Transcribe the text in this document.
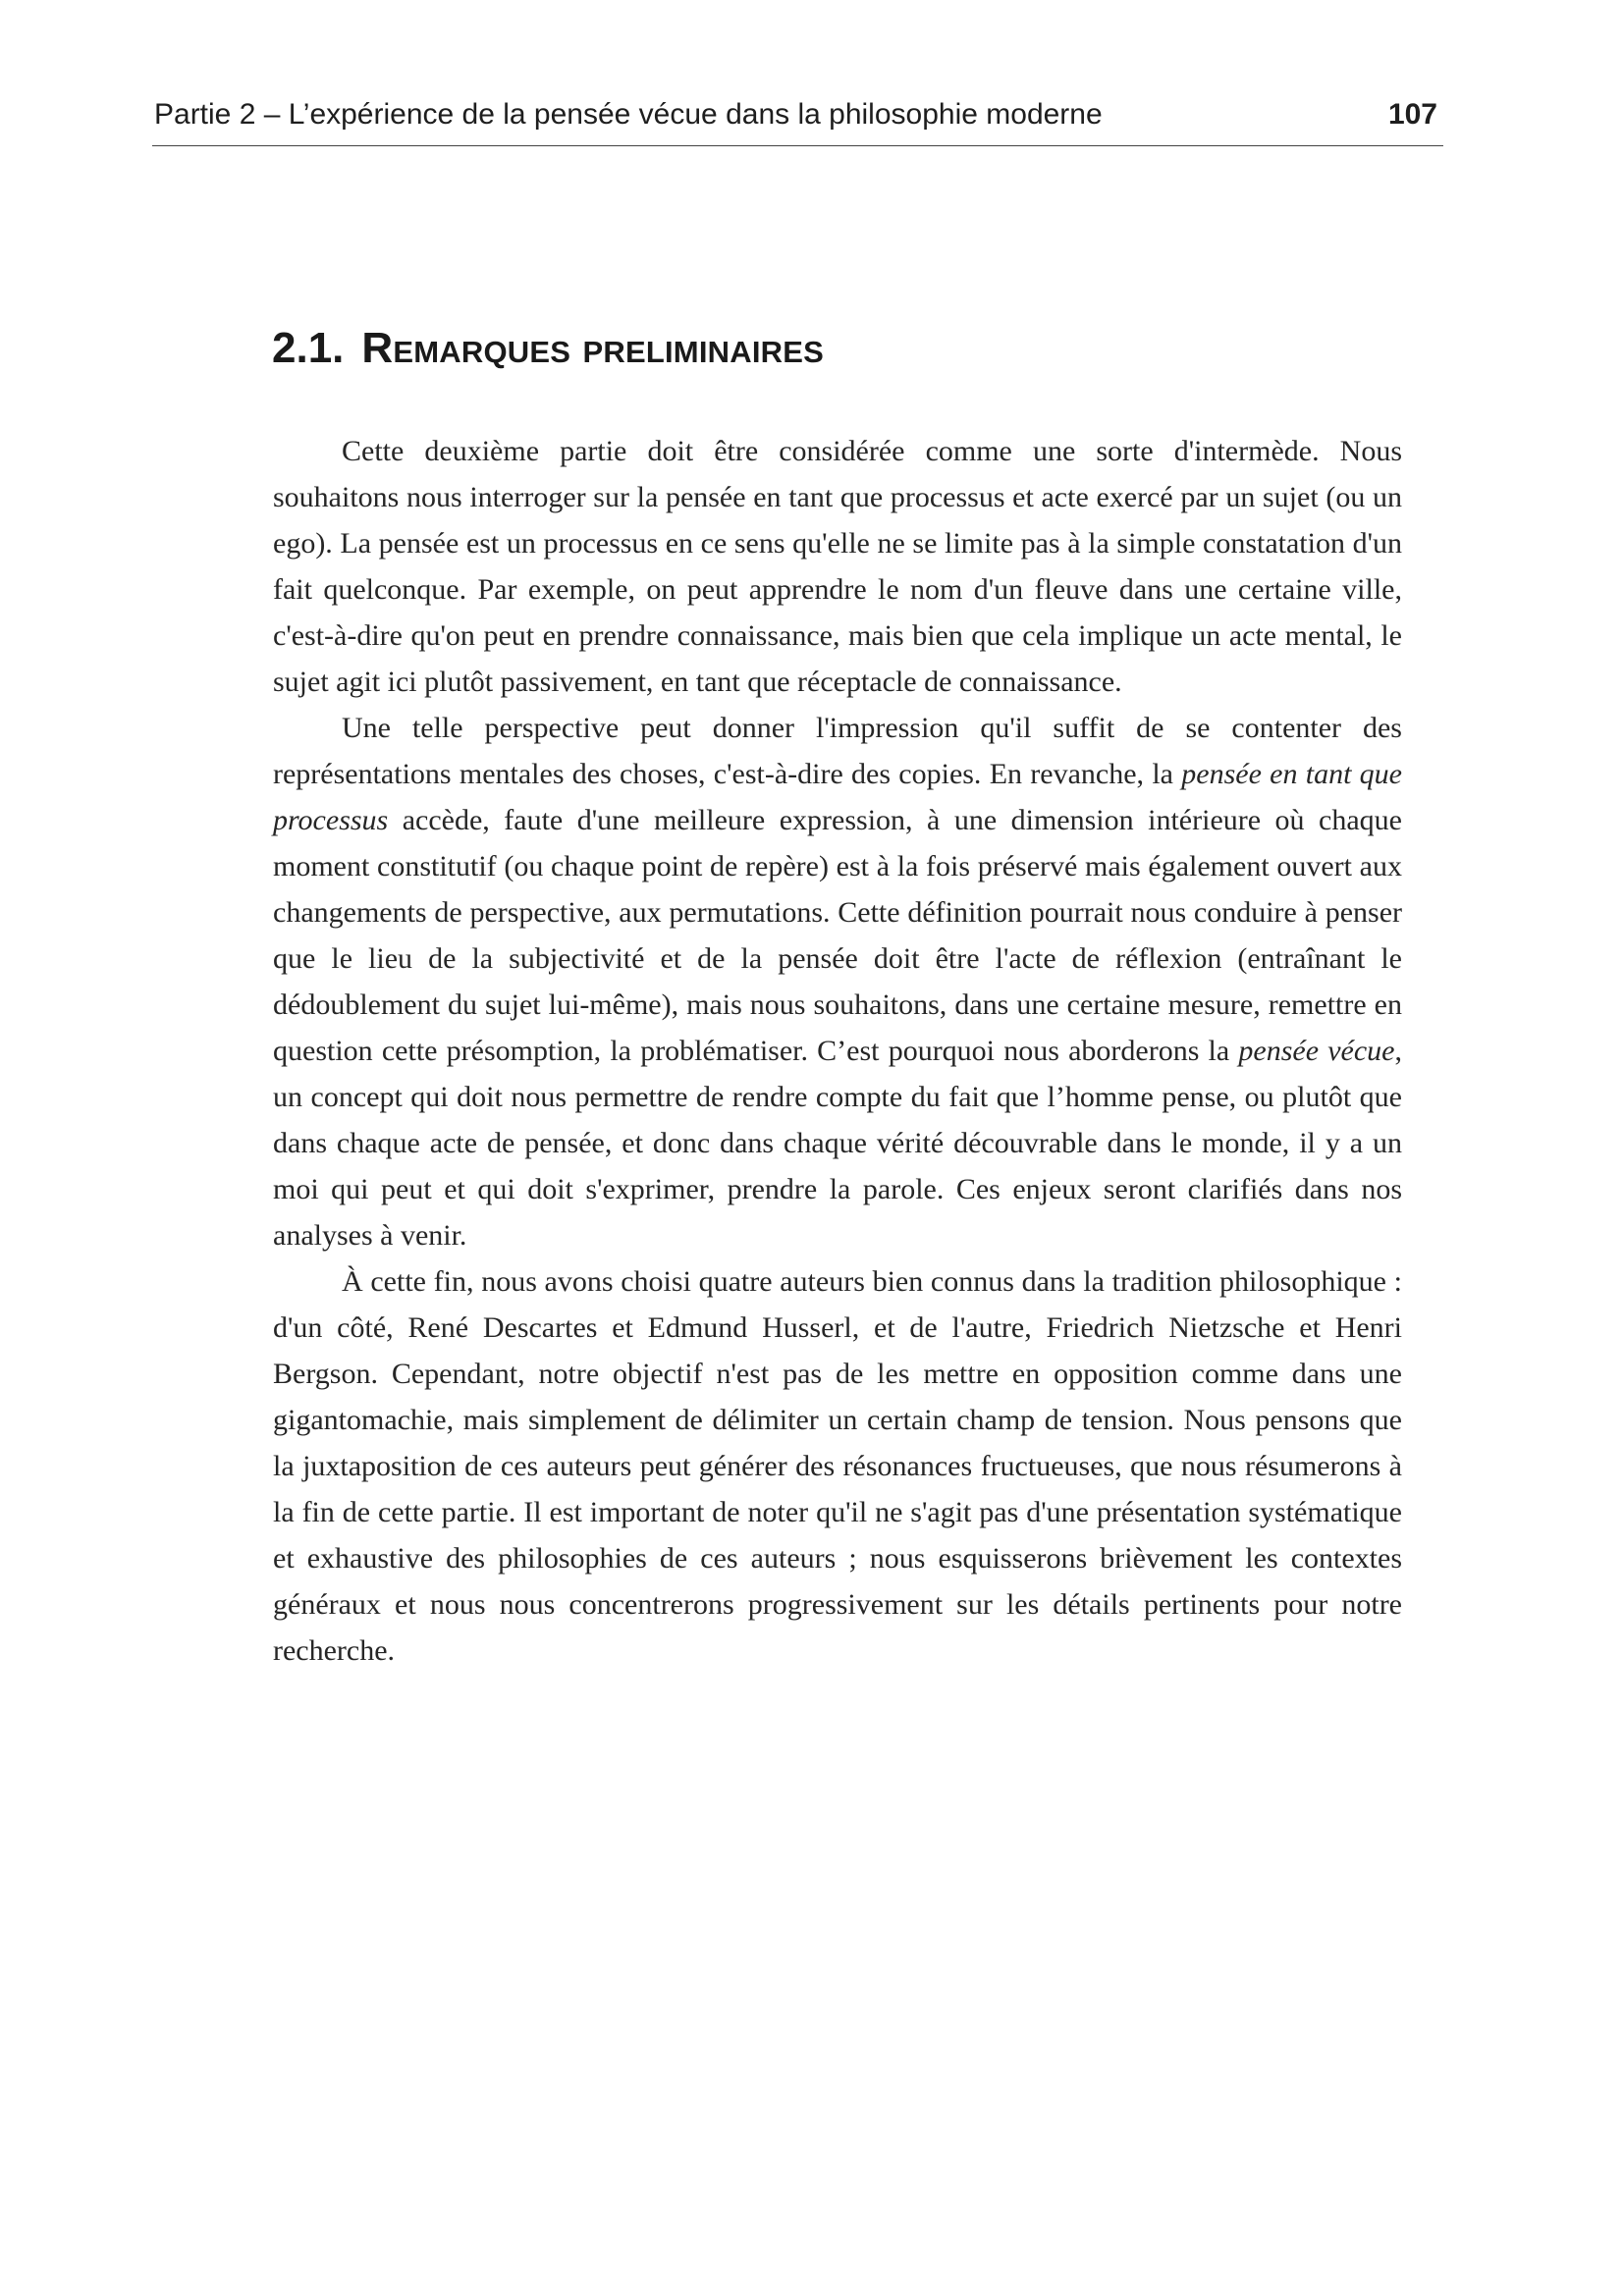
Partie 2 – L’expérience de la pensée vécue dans la philosophie moderne	107
2.1. Remarques preliminaires

Cette deuxième partie doit être considérée comme une sorte d'intermède. Nous souhaitons nous interroger sur la pensée en tant que processus et acte exercé par un sujet (ou un ego). La pensée est un processus en ce sens qu'elle ne se limite pas à la simple constatation d'un fait quelconque. Par exemple, on peut apprendre le nom d'un fleuve dans une certaine ville, c'est-à-dire qu'on peut en prendre connaissance, mais bien que cela implique un acte mental, le sujet agit ici plutôt passivement, en tant que réceptacle de connaissance.

Une telle perspective peut donner l'impression qu'il suffit de se contenter des représentations mentales des choses, c'est-à-dire des copies. En revanche, la pensée en tant que processus accède, faute d'une meilleure expression, à une dimension intérieure où chaque moment constitutif (ou chaque point de repère) est à la fois préservé mais également ouvert aux changements de perspective, aux permutations. Cette définition pourrait nous conduire à penser que le lieu de la subjectivité et de la pensée doit être l'acte de réflexion (entraînant le dédoublement du sujet lui-même), mais nous souhaitons, dans une certaine mesure, remettre en question cette présomption, la problématiser. C’est pourquoi nous aborderons la pensée vécue, un concept qui doit nous permettre de rendre compte du fait que l’homme pense, ou plutôt que dans chaque acte de pensée, et donc dans chaque vérité découvrable dans le monde, il y a un moi qui peut et qui doit s'exprimer, prendre la parole. Ces enjeux seront clarifiés dans nos analyses à venir.

À cette fin, nous avons choisi quatre auteurs bien connus dans la tradition philosophique : d'un côté, René Descartes et Edmund Husserl, et de l'autre, Friedrich Nietzsche et Henri Bergson. Cependant, notre objectif n'est pas de les mettre en opposition comme dans une gigantomachie, mais simplement de délimiter un certain champ de tension. Nous pensons que la juxtaposition de ces auteurs peut générer des résonances fructueuses, que nous résumerons à la fin de cette partie. Il est important de noter qu'il ne s'agit pas d'une présentation systématique et exhaustive des philosophies de ces auteurs ; nous esquisserons brièvement les contextes généraux et nous nous concentrerons progressivement sur les détails pertinents pour notre recherche.
